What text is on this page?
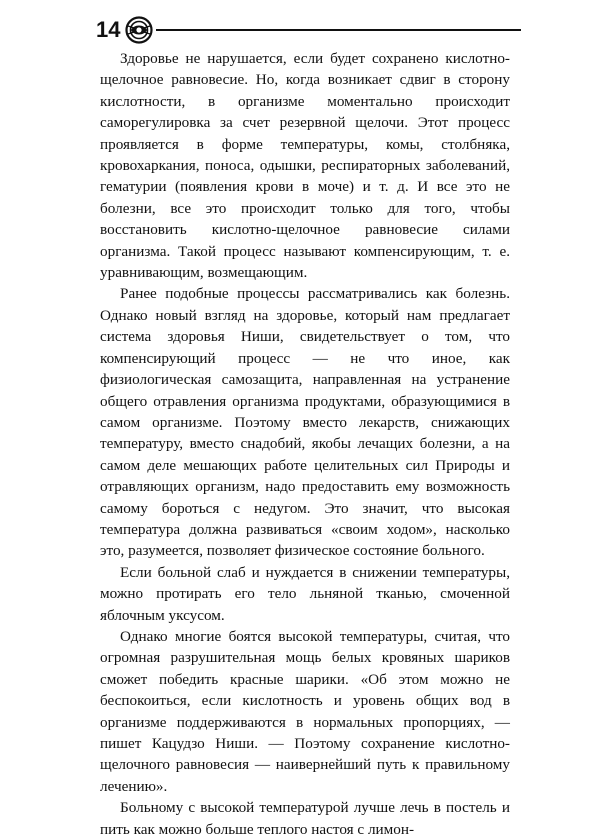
14

Здоровье не нарушается, если будет сохранено кислотно-щелочное равновесие. Но, когда возникает сдвиг в сторону кислотности, в организме моментально происходит саморегулировка за счет резервной щелочи. Этот процесс проявляется в форме температуры, комы, столбняка, кровохаркания, поноса, одышки, респираторных заболеваний, гематурии (появления крови в моче) и т. д. И все это не болезни, все это происходит только для того, чтобы восстановить кислотно-щелочное равновесие силами организма. Такой процесс называют компенсирующим, т. е. уравнивающим, возмещающим.

Ранее подобные процессы рассматривались как болезнь. Однако новый взгляд на здоровье, который нам предлагает система здоровья Ниши, свидетельствует о том, что компенсирующий процесс — не что иное, как физиологическая самозащита, направленная на устранение общего отравления организма продуктами, образующимися в самом организме. Поэтому вместо лекарств, снижающих температуру, вместо снадобий, якобы лечащих болезни, а на самом деле мешающих работе целительных сил Природы и отравляющих организм, надо предоставить ему возможность самому бороться с недугом. Это значит, что высокая температура должна развиваться «своим ходом», насколько это, разумеется, позволяет физическое состояние больного.

Если больной слаб и нуждается в снижении температуры, можно протирать его тело льняной тканью, смоченной яблочным уксусом.

Однако многие боятся высокой температуры, считая, что огромная разрушительная мощь белых кровяных шариков сможет победить красные шарики. «Об этом можно не беспокоиться, если кислотность и уровень общих вод в организме поддерживаются в нормальных пропорциях, — пишет Кацудзо Ниши. — Поэтому сохранение кислотно-щелочного равновесия — наивернейший путь к правильному лечению».

Больному с высокой температурой лучше лечь в постель и пить как можно больше теплого настоя с лимон-
